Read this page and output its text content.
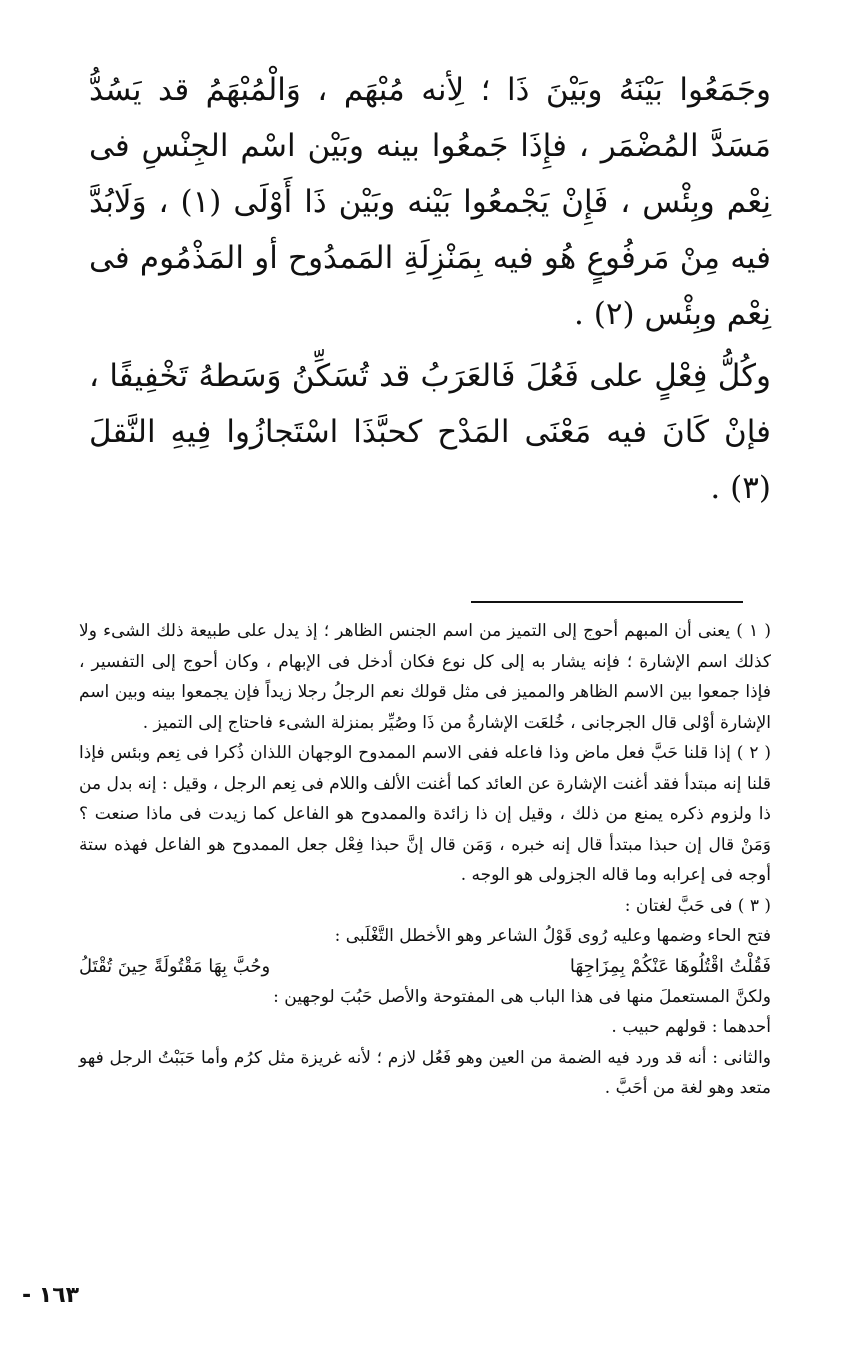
وجَمَعُوا بَيْنَهُ وبَيْنَ ذَا ؛ لِأنه مُبْهَم ، وَالْمُبْهَمُ قد يَسُدُّ مَسَدَّ المُضْمَر ، فإِذَا جَمعُوا بينه وبَيْن اسْم الجِنْسِ فى نِعْم وبِئْس ، فَإِنْ يَجْمعُوا بَيْنه وبَيْن ذَا أَوْلَى (١) ، وَلَابُدَّ فيه مِنْ مَرفُوعٍ هُو فيه بِمَنْزِلَةِ المَمدُوح أو المَذْمُوم فى نِعْم وبِئْس (٢) .

وكُلُّ فِعْلٍ على فَعُلَ فَالعَرَبُ قد تُسَكِّنُ وَسَطهُ تَخْفِيفًا ، فإنْ كَانَ فيه مَعْنَى المَدْح كحبَّذَا اسْتَجازُوا فِيهِ النَّقلَ (٣) .

( ١ ) يعنى أن المبهم أحوج إلى التميز من اسم الجنس الظاهر ؛ إذ يدل على طبيعة ذلك الشىء ولا كذلك اسم الإشارة ؛ فإنه يشار به إلى كل نوع فكان أدخل فى الإبهام ، وكان أحوج إلى التفسير ، فإذا جمعوا بين الاسم الظاهر والمميز فى مثل قولك نعم الرجلُ رجلا زيداً فإن يجمعوا بينه وبين اسم الإشارة أوْلى قال الجرجانى ، خُلعَت الإشارةُ من ذَا وصُيِّر بمنزلة الشىء فاحتاج إلى التميز .

( ٢ ) إذا قلنا حَبَّ فعل ماض وذا فاعله ففى الاسم الممدوح الوجهان اللذان ذُكرا فى نِعم وبئس فإذا قلنا إنه مبتدأ فقد أغنت الإشارة عن العائد كما أغنت الألف واللام فى نِعم الرجل ، وقيل : إنه بدل من ذا ولزوم ذكره يمنع من ذلك ، وقيل إن ذا زائدة والممدوح هو الفاعل كما زيدت فى ماذا صنعت ؟ وَمَنْ قال إن حبذا مبتدأ قال إنه خبره ، وَمَن قال إنَّ حبذا فِعْل جعل الممدوح هو الفاعل فهذه ستة أوجه فى إعرابه وما قاله الجزولى هو الوجه .

( ٣ ) فى حَبَّ لغتان :

فتح الحاء وضمها وعليه رُوى قَوْلُ الشاعر وهو الأخطل التَّغْلَبى :

فَقُلْتُ اقْتُلُوهَا عَنْكُمْ بِمِزَاجِهَا
وحُبَّ بِهَا مَقْتُولَةً حِينَ تُقْتَلُ

ولكنَّ المستعملَ منها فى هذا الباب هى المفتوحة والأصل حَبُبَ لوجهين :

أحدهما : قولهم حبيب .

والثانى : أنه قد ورد فيه الضمة من العين وهو فَعُل لازم ؛ لأنه غريزة مثل كرُم وأما حَبَبْتُ الرجل فهو متعد وهو لغة من أحَبَّ .

- ١٦٣
